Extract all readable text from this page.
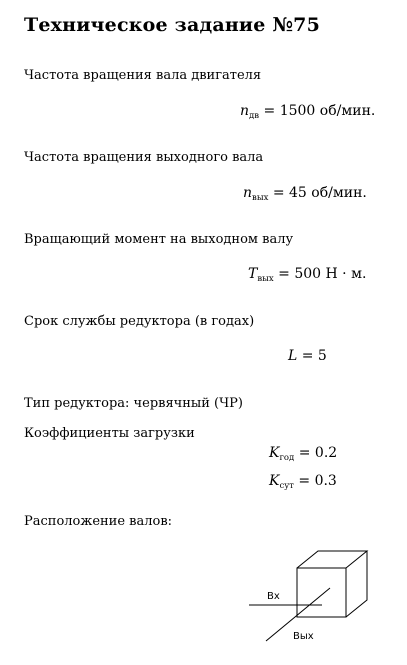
Техническое задание №75
Частота вращения вала двигателя
$n_{дв} = 1500$ об/мин.
Частота вращения выходного вала
$n_{вых} = 45$ об/мин.
Вращающий момент на выходном валу
$T_{вых} = 500$ Н · м.
Срок службы редуктора (в годах)
L = 5
Тип редуктора: червячный (ЧР)
Коэффициенты загрузки
$K_{год} = 0.2$
$K_{сут} = 0.3$
Расположение валов:
Вх
Вых
